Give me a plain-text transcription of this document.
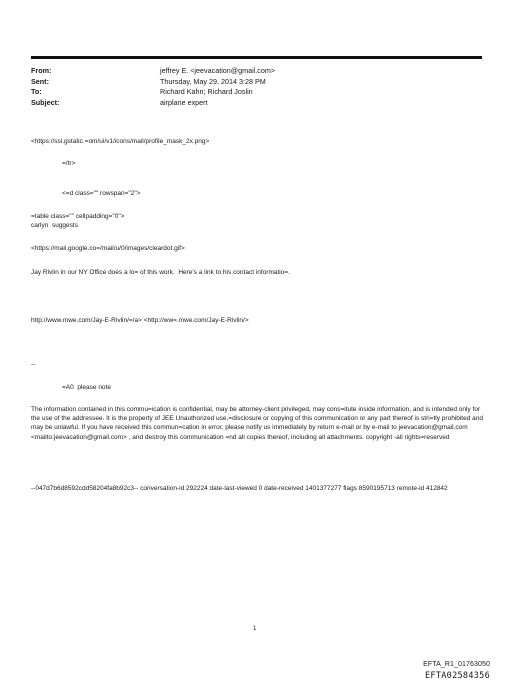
From:	jeffrey E. <jeevacation@gmail.com>
Sent:	Thursday, May 29, 2014 3:28 PM
To:	Richard Kahn; Richard Joslin
Subject:	airplane expert
<https://ssl.gstatic.=om/ui/v1/icons/mail/profile_mask_2x.png>
=/tr>
<=d class="" rowspan="2">
=table class="" cellpadding="0">
carlyn  suggests
<https://mail.google.co=/mail/u/0/images/cleardot.gif>
Jay Rivlin in our NY Office does a lo= of this work.  Here's a link to his contact informatio=.
http://www.mwe.com/Jay-E-Rivlin/=/a> <http://ww=.mwe.com/Jay-E-Rivlin/>
--
=A0  please note
The information contained in this commu=ication is confidential, may be attorney-client privileged, may cons=itute inside information, and is intended only for the use of the addressee. It is the property of JEE Unauthorized use,=disclosure or copying of this communication or any part thereof is stri=tly prohibited and may be unlawful. If you have received this commun=cation in error, please notify us immediately by return e-mail or by e-mail to jeevacation@gmail.com <mailto:jeevacation@gmail.com> , and destroy this communication =nd all copies thereof, including all attachments. copyright -all rights=reserved
--047d7b6d8592cdd58204fa8b92c3-- conversation-id 292224 date-last-viewed 0 date-received 1401377277 flags 8590195713 remote-id 412842
1
EFTA_R1_01763050
EFTA02584356
